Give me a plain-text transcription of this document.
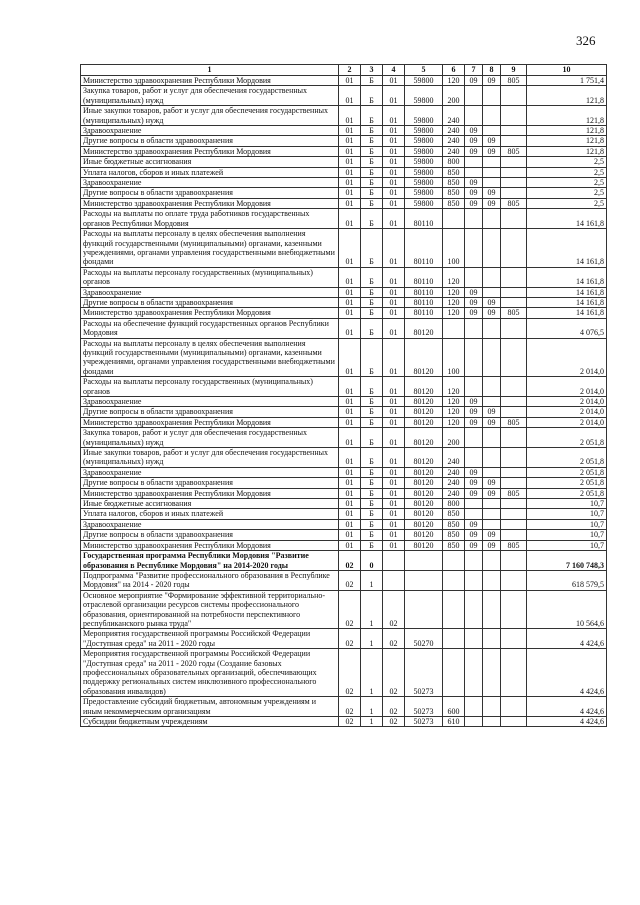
326
1	2	3	4	5	6	7	8	9	10
Министерство здравоохранения Республики Мордовия	01	Б	01	59800	120	09	09	805	1 751,4
Закупка товаров, работ и услуг для обеспечения государственных (муниципальных) нужд	01	Б	01	59800	200				121,8
Иные закупки товаров, работ и услуг для обеспечения государственных (муниципальных) нужд	01	Б	01	59800	240				121,8
Здравоохранение	01	Б	01	59800	240	09			121,8
Другие вопросы в области здравоохранения	01	Б	01	59800	240	09	09		121,8
Министерство здравоохранения Республики Мордовия	01	Б	01	59800	240	09	09	805	121,8
Иные бюджетные ассигнования	01	Б	01	59800	800				2,5
Уплата налогов, сборов и иных платежей	01	Б	01	59800	850				2,5
Здравоохранение	01	Б	01	59800	850	09			2,5
Другие вопросы в области здравоохранения	01	Б	01	59800	850	09	09		2,5
Министерство здравоохранения Республики Мордовия	01	Б	01	59800	850	09	09	805	2,5
Расходы на выплаты по оплате труда работников государственных органов Республики Мордовия	01	Б	01	80110					14 161,8
Расходы на выплаты персоналу в целях обеспечения выполнения функций государственными (муниципальными) органами, казенными учреждениями, органами управления государственными внебюджетными фондами	01	Б	01	80110	100				14 161,8
Расходы на выплаты персоналу государственных (муниципальных) органов	01	Б	01	80110	120				14 161,8
Здравоохранение	01	Б	01	80110	120	09			14 161,8
Другие вопросы в области здравоохранения	01	Б	01	80110	120	09	09		14 161,8
Министерство здравоохранения Республики Мордовия	01	Б	01	80110	120	09	09	805	14 161,8
Расходы на обеспечение функций государственных органов Республики Мордовия	01	Б	01	80120					4 076,5
Расходы на выплаты персоналу в целях обеспечения выполнения функций государственными (муниципальными) органами, казенными учреждениями, органами управления государственными внебюджетными фондами	01	Б	01	80120	100				2 014,0
Расходы на выплаты персоналу государственных (муниципальных) органов	01	Б	01	80120	120				2 014,0
Здравоохранение	01	Б	01	80120	120	09			2 014,0
Другие вопросы в области здравоохранения	01	Б	01	80120	120	09	09		2 014,0
Министерство здравоохранения Республики Мордовия	01	Б	01	80120	120	09	09	805	2 014,0
Закупка товаров, работ и услуг для обеспечения государственных (муниципальных) нужд	01	Б	01	80120	200				2 051,8
Иные закупки товаров, работ и услуг для обеспечения государственных (муниципальных) нужд	01	Б	01	80120	240				2 051,8
Здравоохранение	01	Б	01	80120	240	09			2 051,8
Другие вопросы в области здравоохранения	01	Б	01	80120	240	09	09		2 051,8
Министерство здравоохранения Республики Мордовия	01	Б	01	80120	240	09	09	805	2 051,8
Иные бюджетные ассигнования	01	Б	01	80120	800				10,7
Уплата налогов, сборов и иных платежей	01	Б	01	80120	850				10,7
Здравоохранение	01	Б	01	80120	850	09			10,7
Другие вопросы в области здравоохранения	01	Б	01	80120	850	09	09		10,7
Министерство здравоохранения Республики Мордовия	01	Б	01	80120	850	09	09	805	10,7
Государственная программа Республики Мордовия "Развитие образования в Республике Мордовия" на 2014-2020 годы	02	0							7 160 748,3
Подпрограмма "Развитие профессионального образования в Республике Мордовия" на 2014 - 2020 годы	02	1							618 579,5
Основное мероприятие "Формирование эффективной территориально-отраслевой организации ресурсов системы профессионального образования, ориентированной на потребности перспективного республиканского рынка труда"	02	1	02						10 564,6
Мероприятия государственной программы Российской Федерации "Доступная среда" на 2011 - 2020 годы	02	1	02	50270					4 424,6
Мероприятия государственной программы Российской Федерации "Доступная среда" на 2011 - 2020 годы (Создание базовых профессиональных образовательных организаций, обеспечивающих поддержку региональных систем инклюзивного профессионального образования инвалидов)	02	1	02	50273					4 424,6
Предоставление субсидий бюджетным, автономным учреждениям и иным некоммерческим организациям	02	1	02	50273	600				4 424,6
Субсидии бюджетным учреждениям	02	1	02	50273	610				4 424,6
